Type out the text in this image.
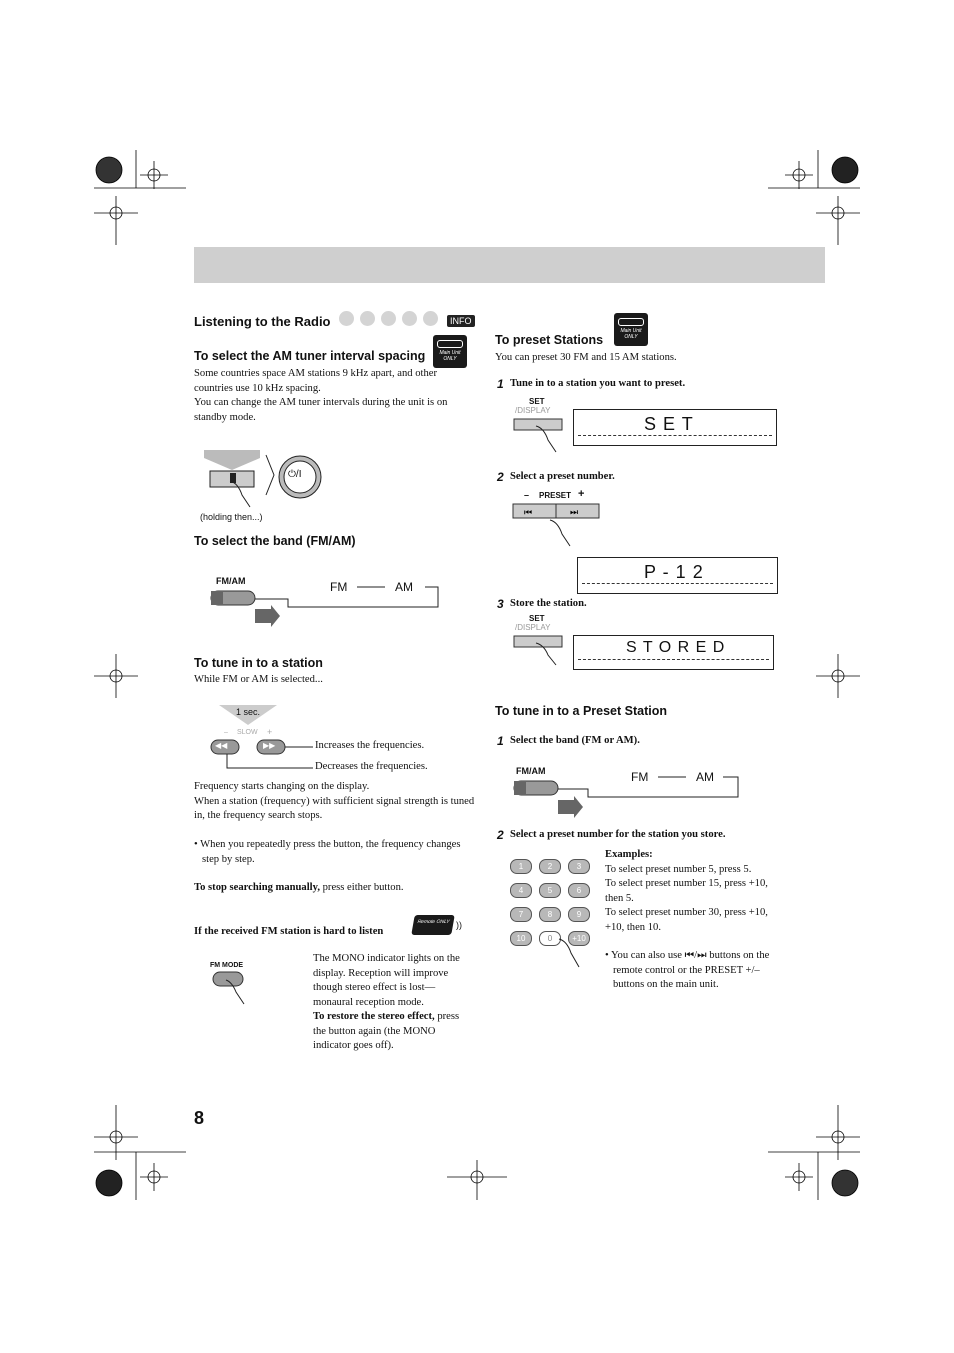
Listening to the Radio	INFO
To select the AM tuner interval spacing	Main Unit ONLY
Some countries space AM stations 9 kHz apart, and other countries use 10 kHz spacing.
You can change the AM tuner intervals during the unit is on standby mode.
⏻/I
(holding then...)
To select the band (FM/AM)
FM/AM	FM	AM
To tune in to a station
While FM or AM is selected...
1 sec.
– SLOW +
◀◀	▶▶	Increases the frequencies.
Decreases the frequencies.
Frequency starts changing on the display.
When a station (frequency) with sufficient signal strength is tuned in, the frequency search stops.
• When you repeatedly press the button, the frequency changes step by step.
To stop searching manually, press either button.
If the received FM station is hard to listen
Remote ONLY ))
FM MODE
The MONO indicator lights on the display. Reception will improve though stereo effect is lost—monaural reception mode.
To restore the stereo effect, press the button again (the MONO indicator goes off).
To preset Stations
Main Unit ONLY
You can preset 30 FM and 15 AM stations.
1 Tune in to a station you want to preset.
SET
/DISPLAY
S E T
2 Select a preset number.
– PRESET +
⏮	⏭
P - 1 2
3 Store the station.
SET
/DISPLAY
S T O R E D
To tune in to a Preset Station
1 Select the band (FM or AM).
FM/AM	FM	AM
2 Select a preset number for the station you store.
1	2	3
4	5	6
7	8	9
10	0	+10
Examples:
To select preset number 5, press 5.
To select preset number 15, press +10, then 5.
To select preset number 30, press +10, +10, then 10.
• You can also use ⏮/⏭ buttons on the remote control or the PRESET +/– buttons on the main unit.
8
